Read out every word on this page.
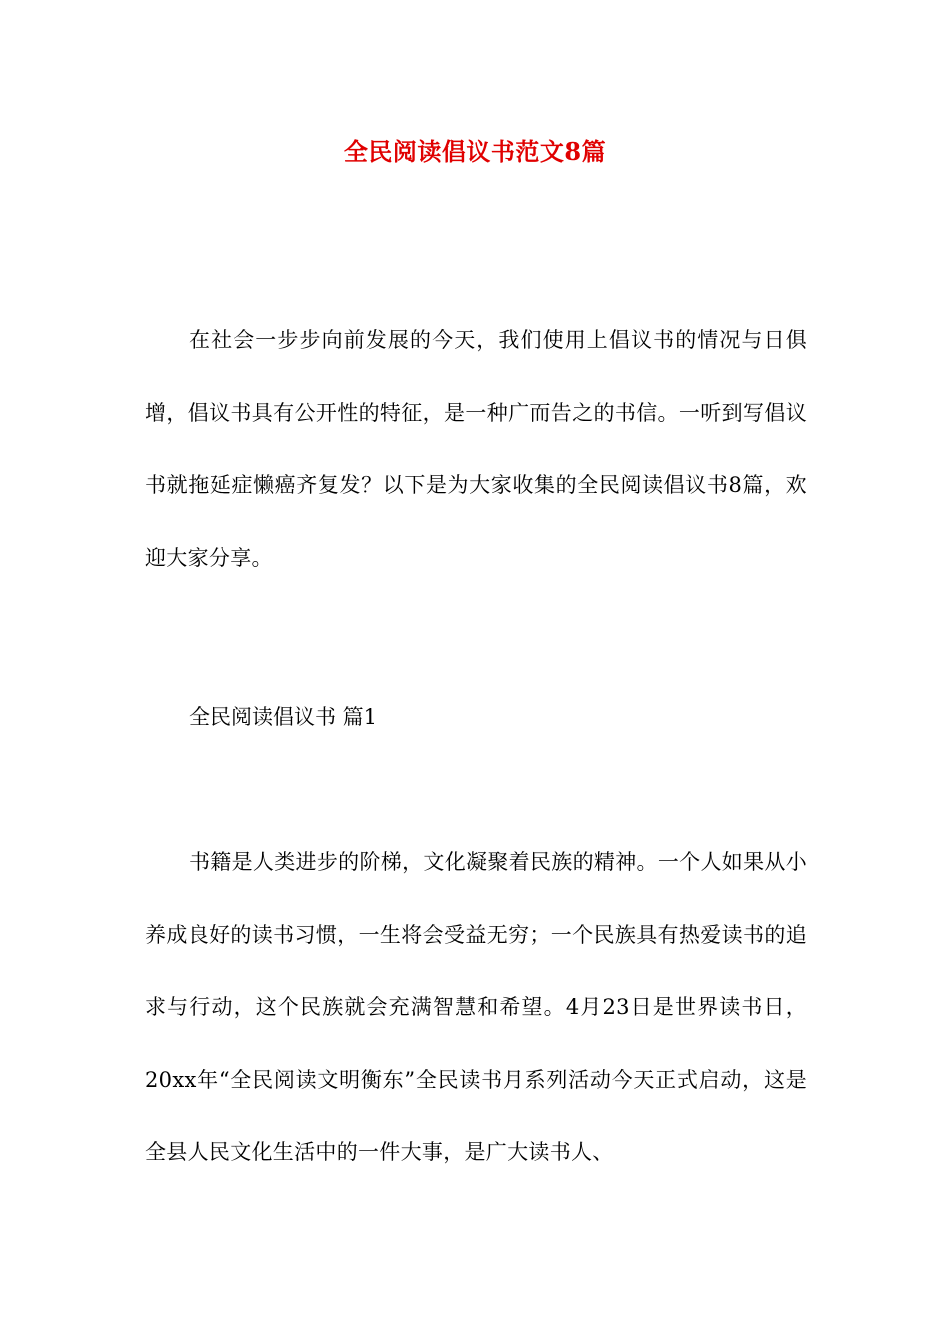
全民阅读倡议书范文8篇

在社会一步步向前发展的今天，我们使用上倡议书的情况与日俱增，倡议书具有公开性的特征，是一种广而告之的书信。一听到写倡议书就拖延症懒癌齐复发？以下是为大家收集的全民阅读倡议书8篇，欢迎大家分享。

全民阅读倡议书 篇1

书籍是人类进步的阶梯，文化凝聚着民族的精神。一个人如果从小养成良好的读书习惯，一生将会受益无穷；一个民族具有热爱读书的追求与行动，这个民族就会充满智慧和希望。4月23日是世界读书日，20xx年“全民阅读文明衡东”全民读书月系列活动今天正式启动，这是全县人民文化生活中的一件大事，是广大读书人、
